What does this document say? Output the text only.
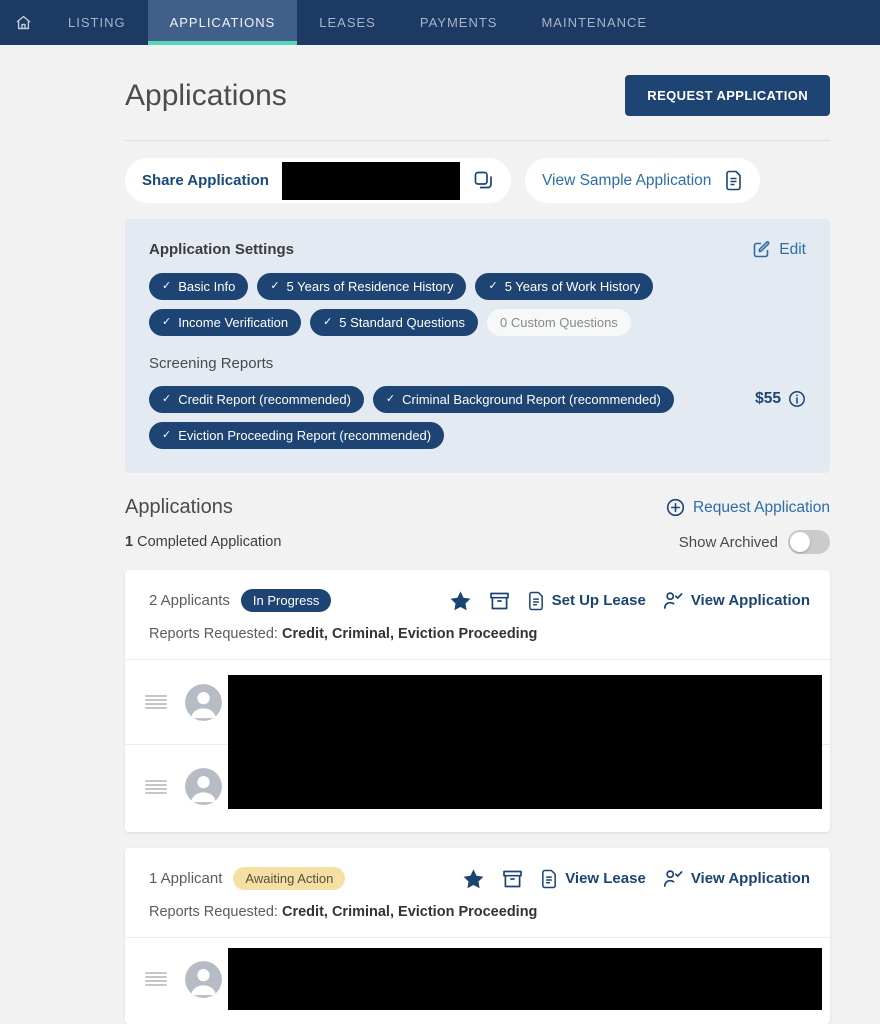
LISTING	APPLICATIONS	LEASES	PAYMENTS	MAINTENANCE
Applications	REQUEST APPLICATION
Share Application	View Sample Application
Application Settings	Edit
✓ Basic Info	✓ 5 Years of Residence History	✓ 5 Years of Work History
✓ Income Verification	✓ 5 Standard Questions	0 Custom Questions
Screening Reports
✓ Credit Report (recommended)	✓ Criminal Background Report (recommended)
✓ Eviction Proceeding Report (recommended)
$55
Applications	Request Application
1 Completed Application	Show Archived
2 Applicants	In Progress	Set Up Lease	View Application
Reports Requested: Credit, Criminal, Eviction Proceeding
1 Applicant	Awaiting Action	View Lease	View Application
Reports Requested: Credit, Criminal, Eviction Proceeding
